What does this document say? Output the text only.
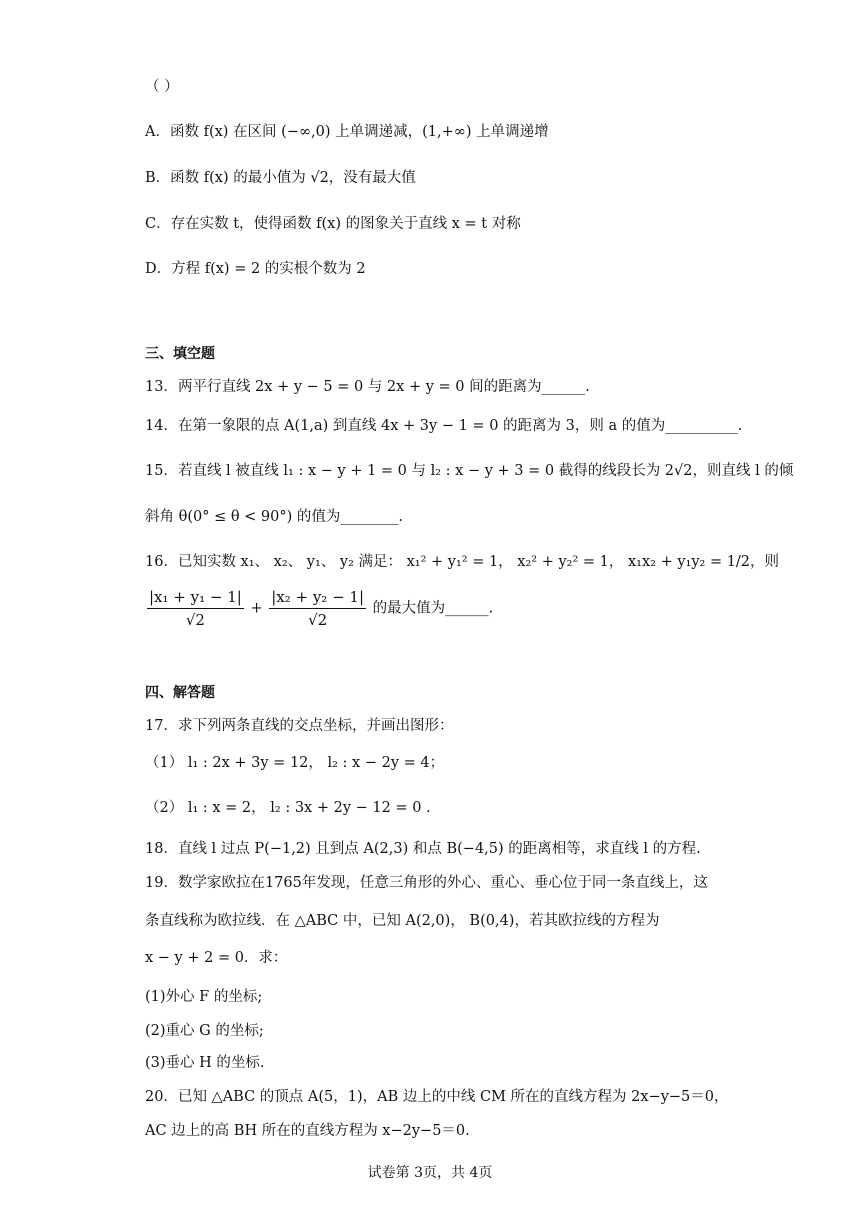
（ ）
A．函数 f(x) 在区间 (−∞,0) 上单调递减，(1,+∞) 上单调递增
B．函数 f(x) 的最小值为 √2，没有最大值
C．存在实数 t，使得函数 f(x) 的图象关于直线 x = t 对称
D．方程 f(x) = 2 的实根个数为 2
三、填空题
13．两平行直线 2x + y − 5 = 0 与 2x + y = 0 间的距离为______.
14．在第一象限的点 A(1,a) 到直线 4x + 3y − 1 = 0 的距离为 3，则 a 的值为__________.
15．若直线 l 被直线 l₁ : x − y + 1 = 0 与 l₂ : x − y + 3 = 0 截得的线段长为 2√2，则直线 l 的倾
斜角 θ(0° ≤ θ < 90°) 的值为________.
16．已知实数 x₁、 x₂、 y₁、 y₂ 满足： x₁² + y₁² = 1， x₂² + y₂² = 1， x₁x₂ + y₁y₂ = 1/2，则
$\frac{\text{|x₁ + y₁ − 1|}}{√2} + \frac{\text{|x₂ + y₂ − 1|}}{√2}$ 的最大值为______.
四、解答题
17．求下列两条直线的交点坐标，并画出图形：
（1） l₁ : 2x + 3y = 12， l₂ : x − 2y = 4；
（2） l₁ : x = 2， l₂ : 3x + 2y − 12 = 0 .
18．直线 l 过点 P(−1,2) 且到点 A(2,3) 和点 B(−4,5) 的距离相等，求直线 l 的方程.
19．数学家欧拉在1765年发现，任意三角形的外心、重心、垂心位于同一条直线上，这
条直线称为欧拉线．在 △ABC 中，已知 A(2,0)， B(0,4)，若其欧拉线的方程为
x − y + 2 = 0．求：
(1)外心 F 的坐标;
(2)重心 G 的坐标;
(3)垂心 H 的坐标.
20．已知 △ABC 的顶点 A(5，1)，AB 边上的中线 CM 所在的直线方程为 2x−y−5＝0，
AC 边上的高 BH 所在的直线方程为 x−2y−5＝0.
试卷第 3页，共 4页
